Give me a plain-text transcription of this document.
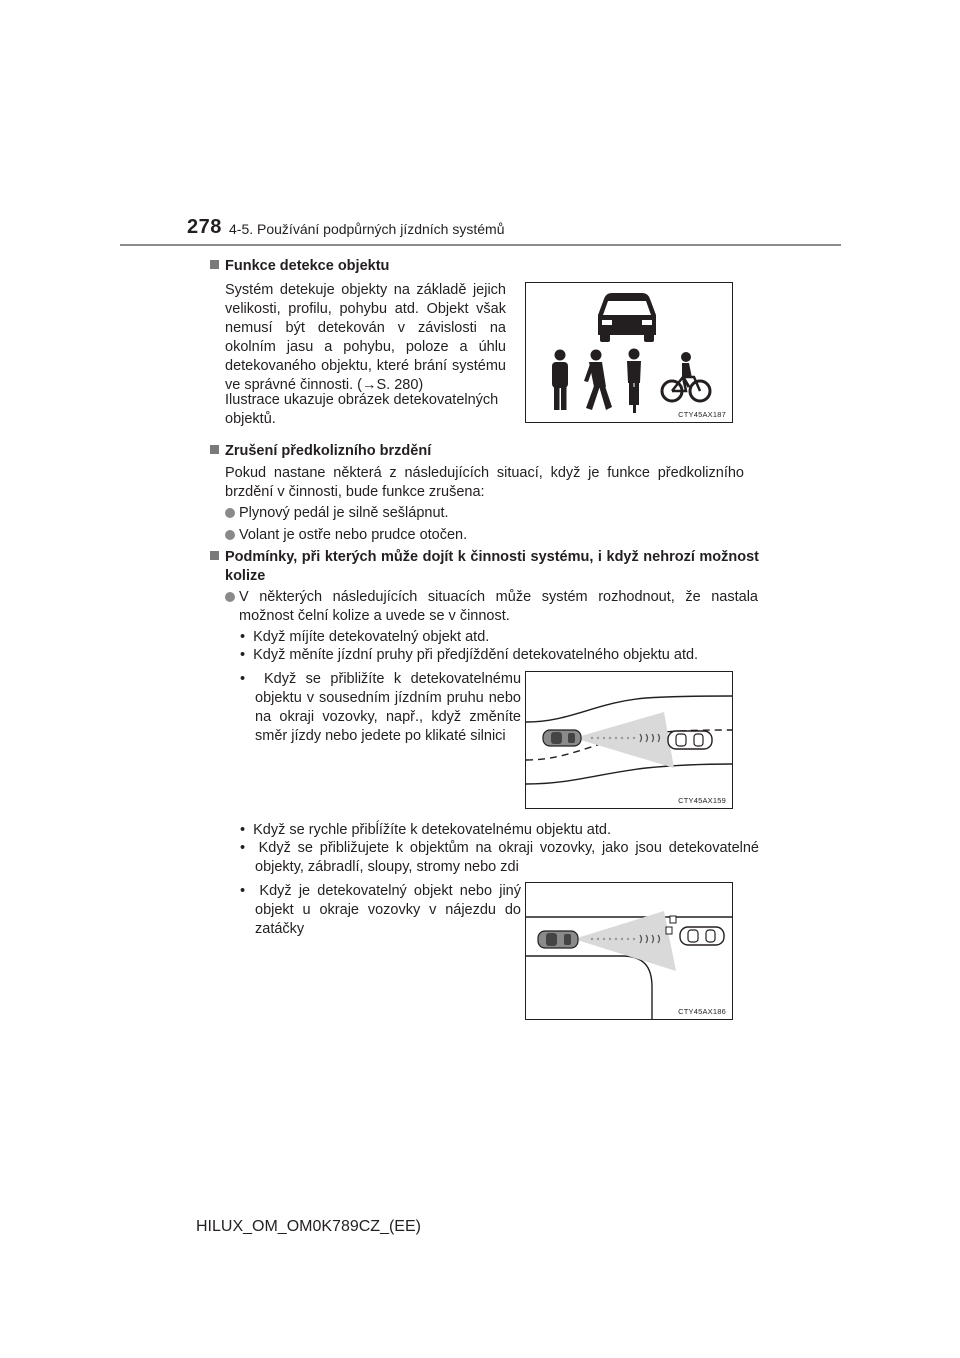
278 4-5. Používání podpůrných jízdních systémů
Funkce detekce objektu
Systém detekuje objekty na základě jejich velikosti, profilu, pohybu atd. Objekt však nemusí být detekován v závislosti na okolním jasu a pohybu, poloze a úhlu detekovaného objektu, které brání systému ve správné činnosti. (→S. 280)
Ilustrace ukazuje obrázek detekovatelných objektů.	CTY45AX187
Zrušení předkolizního brzdění
Pokud nastane některá z následujících situací, když je funkce předkolizního brzdění v činnosti, bude funkce zrušena:
Plynový pedál je silně sešlápnut.
Volant je ostře nebo prudce otočen.
Podmínky, při kterých může dojít k činnosti systému, i když nehrozí možnost kolize
V některých následujících situacích může systém rozhodnout, že nastala možnost čelní kolize a uvede se v činnost.
•  Když míjíte detekovatelný objekt atd.
•  Když měníte jízdní pruhy při předjíždění detekovatelného objektu atd.
•  Když se přibližíte k detekovatelnému objektu v sousedním jízdním pruhu nebo na okraji vozovky, např., když změníte směr jízdy nebo jedete po klikaté silnici
CTY45AX159
•  Když se rychle přibĺížíte k detekovatelnému objektu atd.
•  Když se přibližujete k objektům na okraji vozovky, jako jsou detekovatelné objekty, zábradlí, sloupy, stromy nebo zdi
•  Když je detekovatelný objekt nebo jiný objekt u okraje vozovky v nájezdu do zatáčky
CTY45AX186
HILUX_OM_OM0K789CZ_(EE)
